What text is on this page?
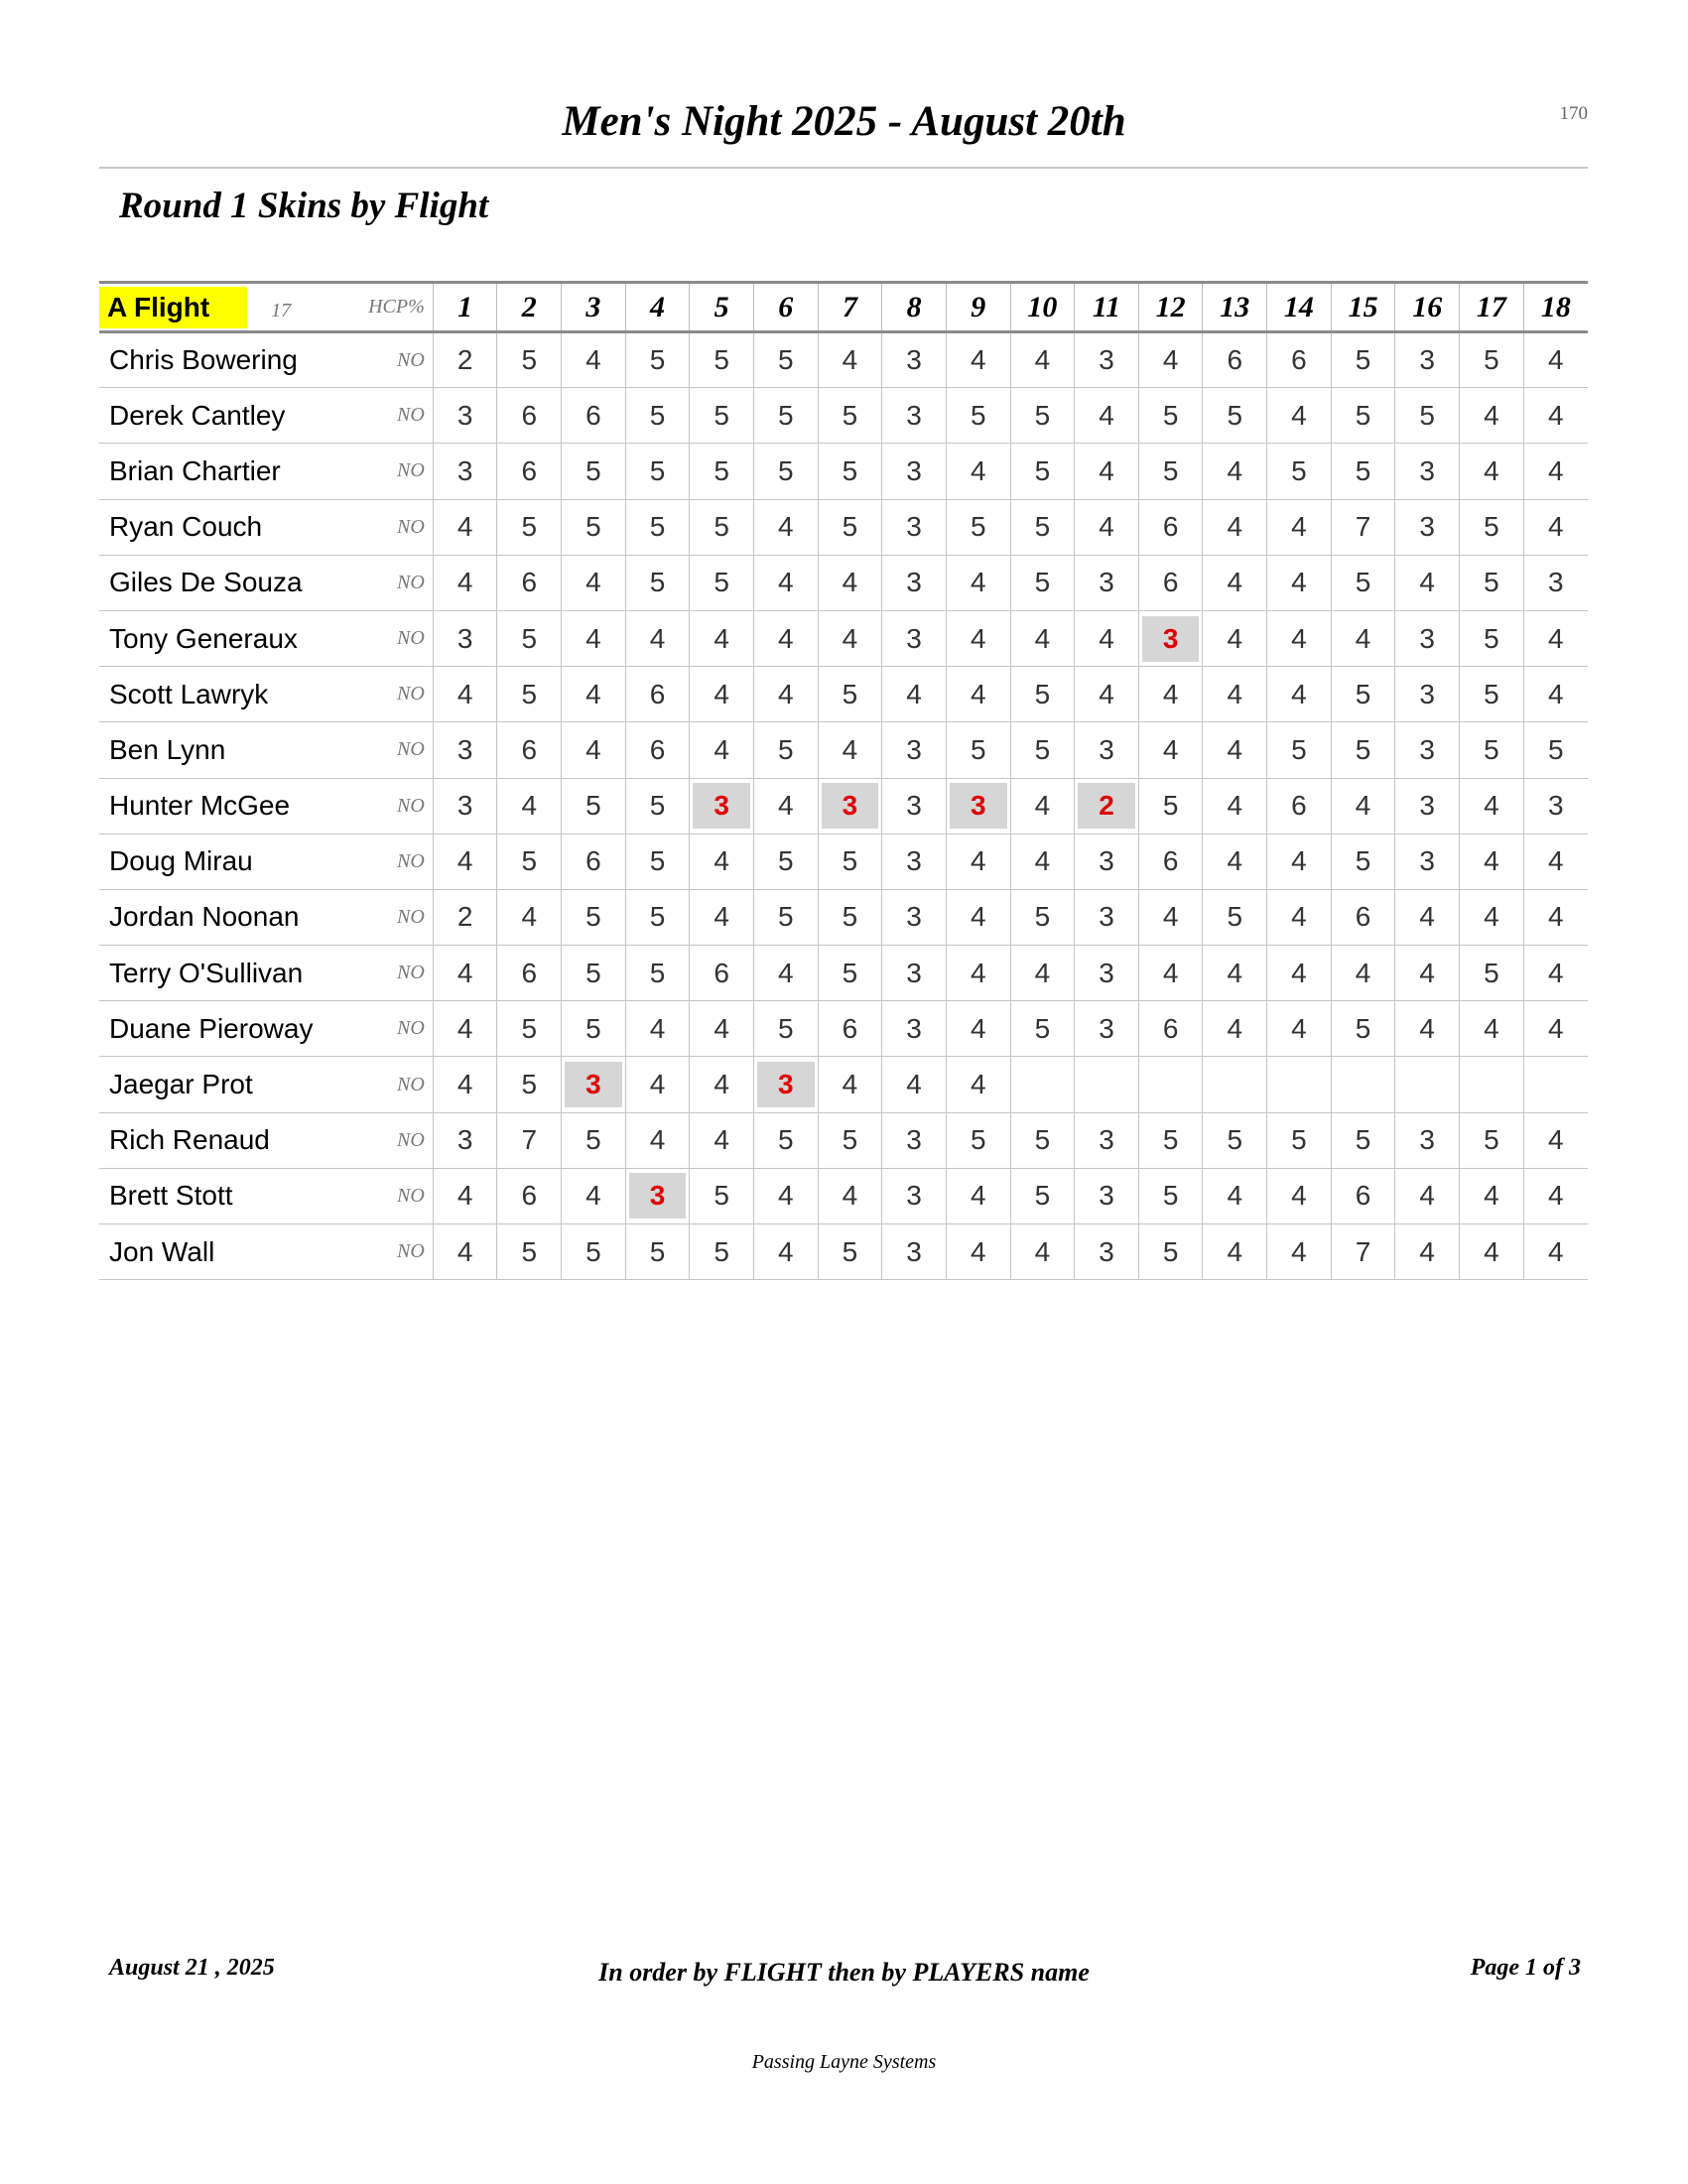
170
Men's Night 2025 - August 20th
Round 1 Skins by Flight
A Flight 17	HCP%	1	2	3	4	5	6	7	8	9	10	11	12	13	14	15	16	17	18
Chris Bowering	NO	2	5	4	5	5	5	4	3	4	4	3	4	6	6	5	3	5	4
Derek Cantley	NO	3	6	6	5	5	5	5	3	5	5	4	5	5	4	5	5	4	4
Brian Chartier	NO	3	6	5	5	5	5	5	3	4	5	4	5	4	5	5	3	4	4
Ryan Couch	NO	4	5	5	5	5	4	5	3	5	5	4	6	4	4	7	3	5	4
Giles De Souza	NO	4	6	4	5	5	4	4	3	4	5	3	6	4	4	5	4	5	3
Tony Generaux	NO	3	5	4	4	4	4	4	3	4	4	4	3	4	4	4	3	5	4
Scott Lawryk	NO	4	5	4	6	4	4	5	4	4	5	4	4	4	4	5	3	5	4
Ben Lynn	NO	3	6	4	6	4	5	4	3	5	5	3	4	4	5	5	3	5	5
Hunter McGee	NO	3	4	5	5	3	4	3	3	3	4	2	5	4	6	4	3	4	3
Doug Mirau	NO	4	5	6	5	4	5	5	3	4	4	3	6	4	4	5	3	4	4
Jordan Noonan	NO	2	4	5	5	4	5	5	3	4	5	3	4	5	4	6	4	4	4
Terry O'Sullivan	NO	4	6	5	5	6	4	5	3	4	4	3	4	4	4	4	4	5	4
Duane Pieroway	NO	4	5	5	4	4	5	6	3	4	5	3	6	4	4	5	4	4	4
Jaegar Prot	NO	4	5	3	4	4	3	4	4	4									
Rich Renaud	NO	3	7	5	4	4	5	5	3	5	5	3	5	5	5	5	3	5	4
Brett Stott	NO	4	6	4	3	5	4	4	3	4	5	3	5	4	4	6	4	4	4
Jon Wall	NO	4	5	5	5	5	4	5	3	4	4	3	5	4	4	7	4	4	4
August 21 , 2025	In order by FLIGHT then by PLAYERS name	Page 1 of 3
Passing Layne Systems
